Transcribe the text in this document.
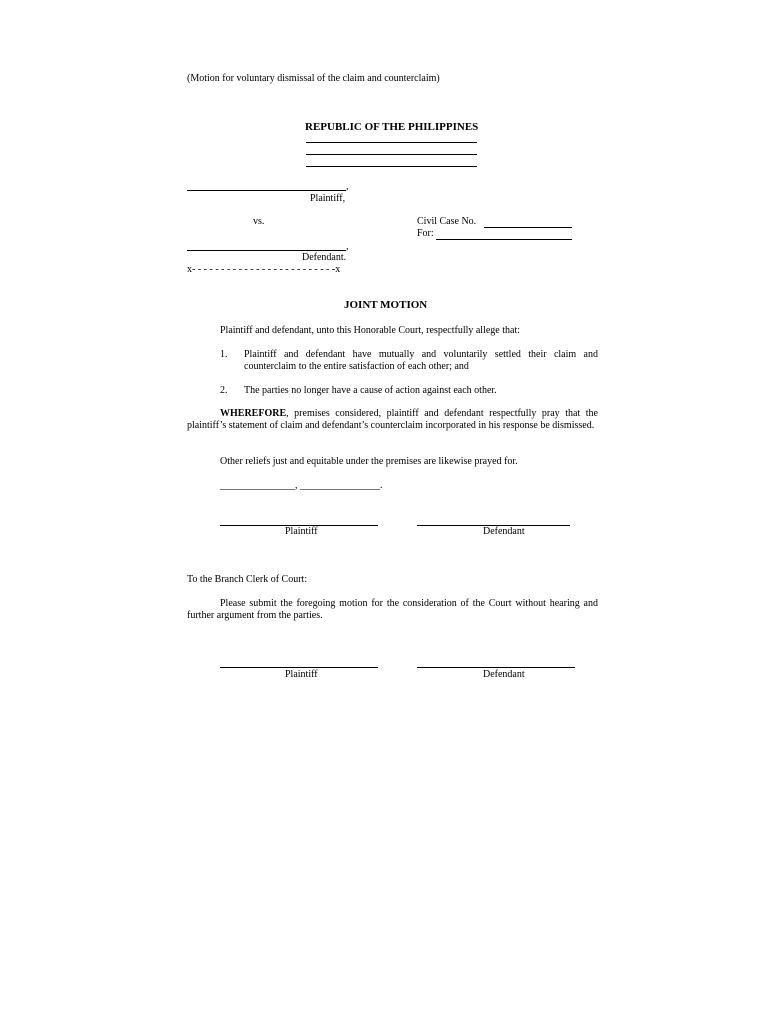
(Motion for voluntary dismissal of the claim and counterclaim)
REPUBLIC OF THE PHILIPPINES
,
Plaintiff,
vs.	Civil Case No.
For:
,
Defendant.
x- - - - - - - - - - - - - - - - - - - - - - - - -x
JOINT MOTION
Plaintiff and defendant, unto this Honorable Court, respectfully allege that:
1. Plaintiff and defendant have mutually and voluntarily settled their claim and counterclaim to the entire satisfaction of each other; and
2. The parties no longer have a cause of action against each other.
WHEREFORE, premises considered, plaintiff and defendant respectfully pray that the plaintiff’s statement of claim and defendant’s counterclaim incorporated in his response be dismissed.
Other reliefs just and equitable under the premises are likewise prayed for.
_______________, ________________.
Plaintiff	Defendant
To the Branch Clerk of Court:
Please submit the foregoing motion for the consideration of the Court without hearing and further argument from the parties.
Plaintiff	Defendant
